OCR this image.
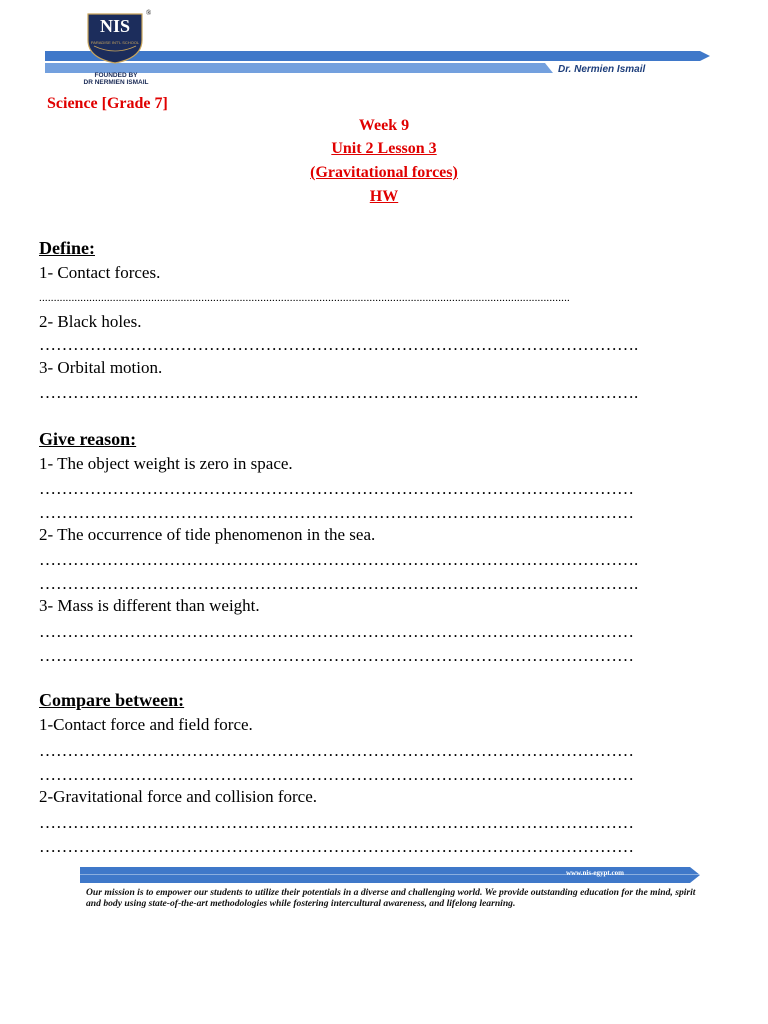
NIS
PARADISE INT'L SCHOOL
®
FOUNDED BY
DR NERMIEN ISMAIL
Dr. Nermien Ismail
Science [Grade 7]
Week 9
Unit 2 Lesson 3
(Gravitational forces)
HW
Define:
1- Contact forces.
....................................................................................................................................................................................
2- Black holes.
…………………………………………………………………………………………….
3- Orbital motion.
…………………………………………………………………………………………….
Give reason:
1- The object weight is zero in space.
……………………………………………………………………………………………
……………………………………………………………………………………………
2- The occurrence of tide phenomenon in the sea.
…………………………………………………………………………………………….
…………………………………………………………………………………………….
3- Mass is different than weight.
……………………………………………………………………………………………
……………………………………………………………………………………………
Compare between:
1-Contact force and field force.
……………………………………………………………………………………………
……………………………………………………………………………………………
2-Gravitational force and collision force.
……………………………………………………………………………………………
……………………………………………………………………………………………
www.nis-egypt.com
Our mission is to empower our students to utilize their potentials in a diverse and challenging world. We provide outstanding education for the mind, spirit and body using state-of-the-art methodologies while fostering intercultural awareness, and lifelong learning.
